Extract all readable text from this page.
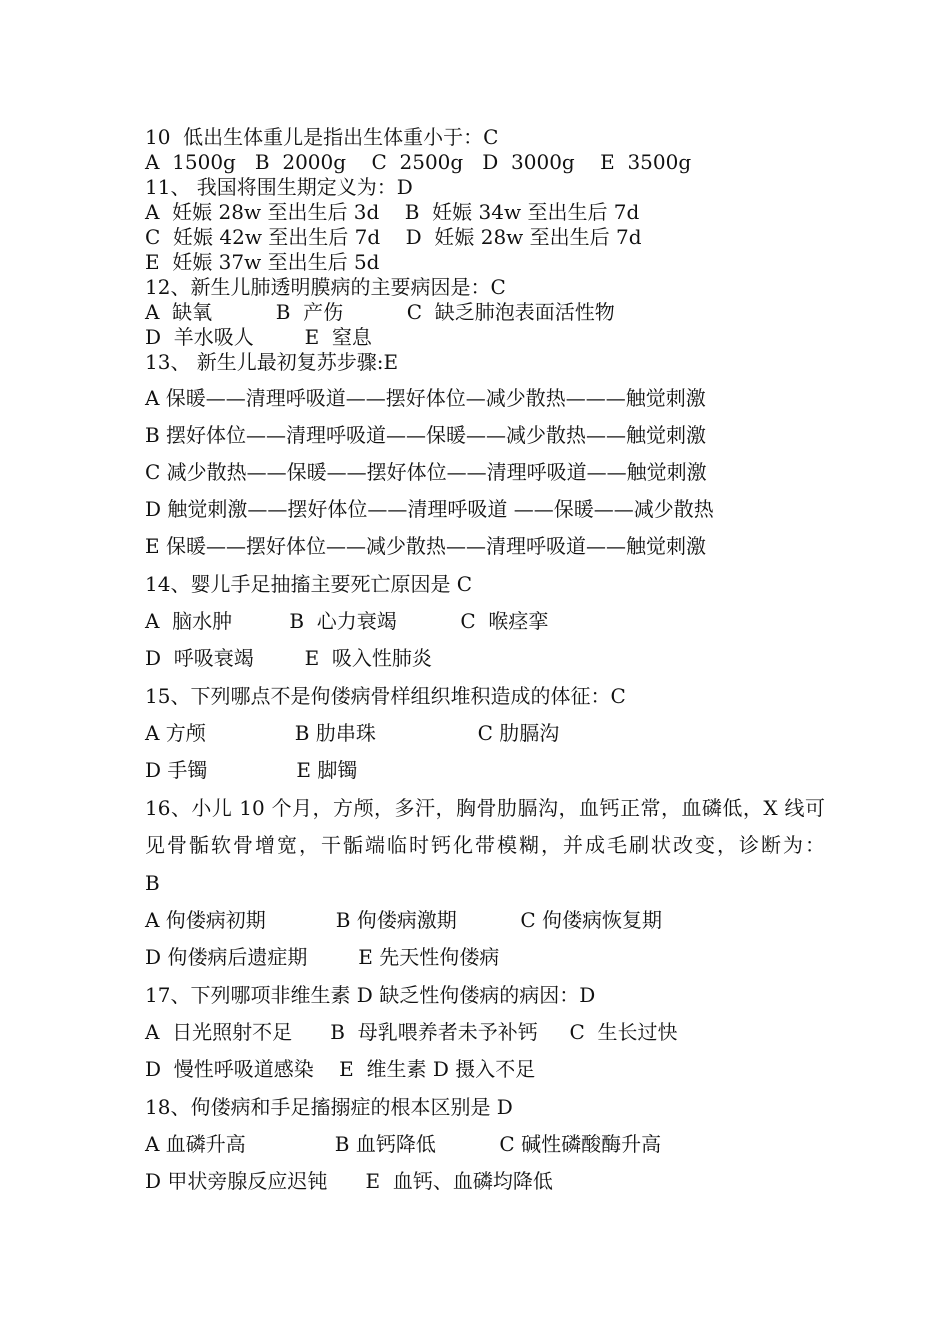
10  低出生体重儿是指出生体重小于：C
A  1500g   B  2000g    C  2500g   D  3000g    E  3500g
11、 我国将围生期定义为：D
A  妊娠 28w 至出生后 3d    B  妊娠 34w 至出生后 7d
C  妊娠 42w 至出生后 7d    D  妊娠 28w 至出生后 7d
E  妊娠 37w 至出生后 5d
12、新生儿肺透明膜病的主要病因是：C
A  缺氧          B  产伤          C  缺乏肺泡表面活性物
D  羊水吸人        E  窒息
13、 新生儿最初复苏步骤:E
A 保暖——清理呼吸道——摆好体位—减少散热———触觉刺激
B 摆好体位——清理呼吸道——保暖——减少散热——触觉刺激
C 减少散热——保暖——摆好体位——清理呼吸道——触觉刺激
D 触觉刺激——摆好体位——清理呼吸道 ——保暖——减少散热
E 保暖——摆好体位——减少散热——清理呼吸道——触觉刺激
14、婴儿手足抽搐主要死亡原因是 C
A  脑水肿         B  心力衰竭          C  喉痉挛
D  呼吸衰竭        E  吸入性肺炎
15、下列哪点不是佝偻病骨样组织堆积造成的体征：C
A 方颅              B 肋串珠                C 肋膈沟
D 手镯              E 脚镯
16、小儿 10 个月，方颅，多汗，胸骨肋膈沟，血钙正常，血磷低，X 线可
见骨骺软骨增宽，干骺端临时钙化带模糊，并成毛刷状改变，诊断为：
B
A 佝偻病初期           B 佝偻病激期          C 佝偻病恢复期
D 佝偻病后遗症期        E 先天性佝偻病
17、下列哪项非维生素 D 缺乏性佝偻病的病因：D
A  日光照射不足      B  母乳喂养者未予补钙     C  生长过快
D  慢性呼吸道感染    E  维生素 D 摄入不足
18、佝偻病和手足搐搦症的根本区别是 D
A 血磷升高              B 血钙降低          C 碱性磷酸酶升高
D 甲状旁腺反应迟钝      E  血钙、血磷均降低
